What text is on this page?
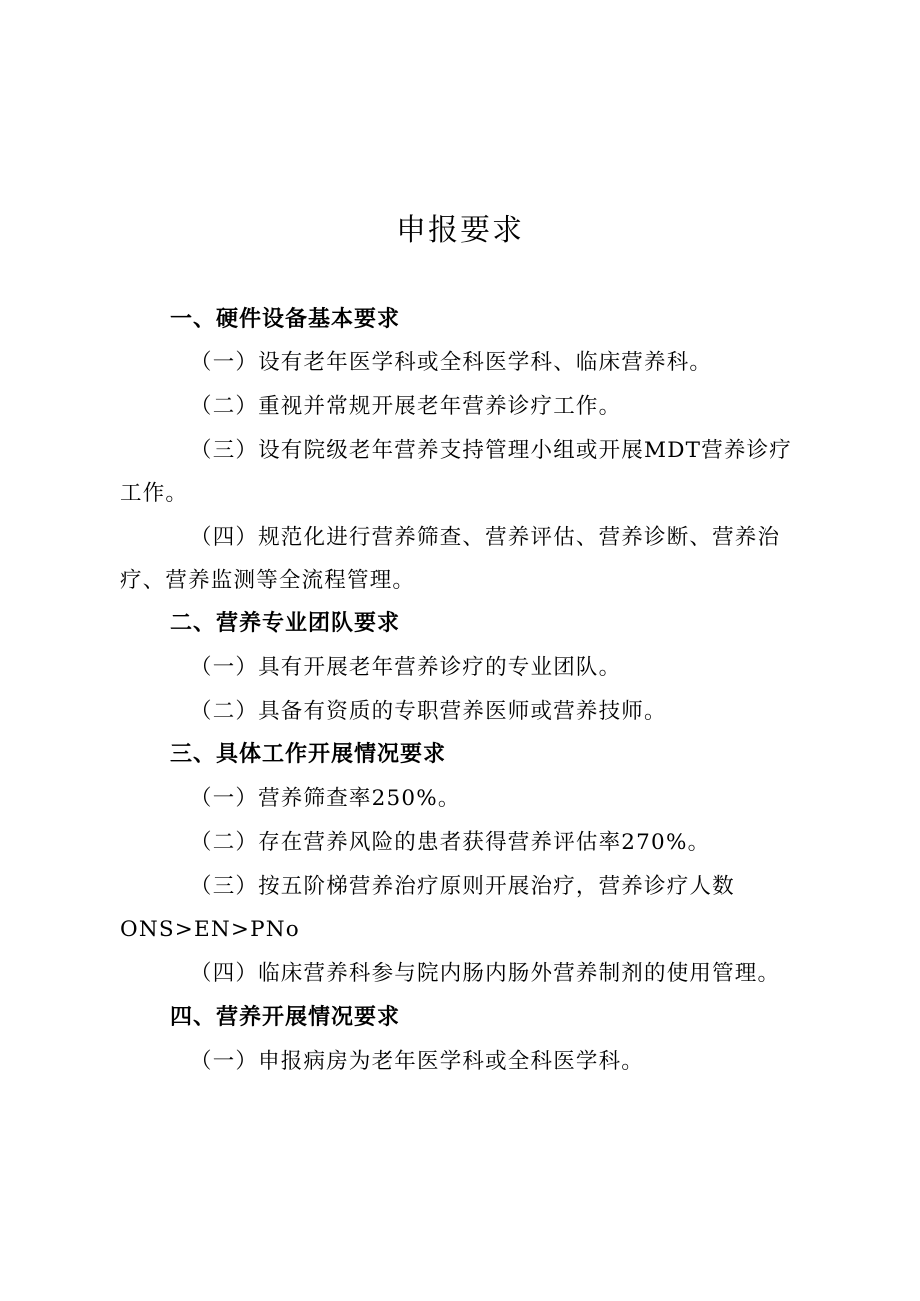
申报要求
一、硬件设备基本要求
（一）设有老年医学科或全科医学科、临床营养科。
（二）重视并常规开展老年营养诊疗工作。
（三）设有院级老年营养支持管理小组或开展MDT营养诊疗
工作。
（四）规范化进行营养筛查、营养评估、营养诊断、营养治
疗、营养监测等全流程管理。
二、营养专业团队要求
（一）具有开展老年营养诊疗的专业团队。
（二）具备有资质的专职营养医师或营养技师。
三、具体工作开展情况要求
（一）营养筛查率250%。
（二）存在营养风险的患者获得营养评估率270%。
（三）按五阶梯营养治疗原则开展治疗，营养诊疗人数
ONS>EN>PNo
（四）临床营养科参与院内肠内肠外营养制剂的使用管理。
四、营养开展情况要求
（一）申报病房为老年医学科或全科医学科。
